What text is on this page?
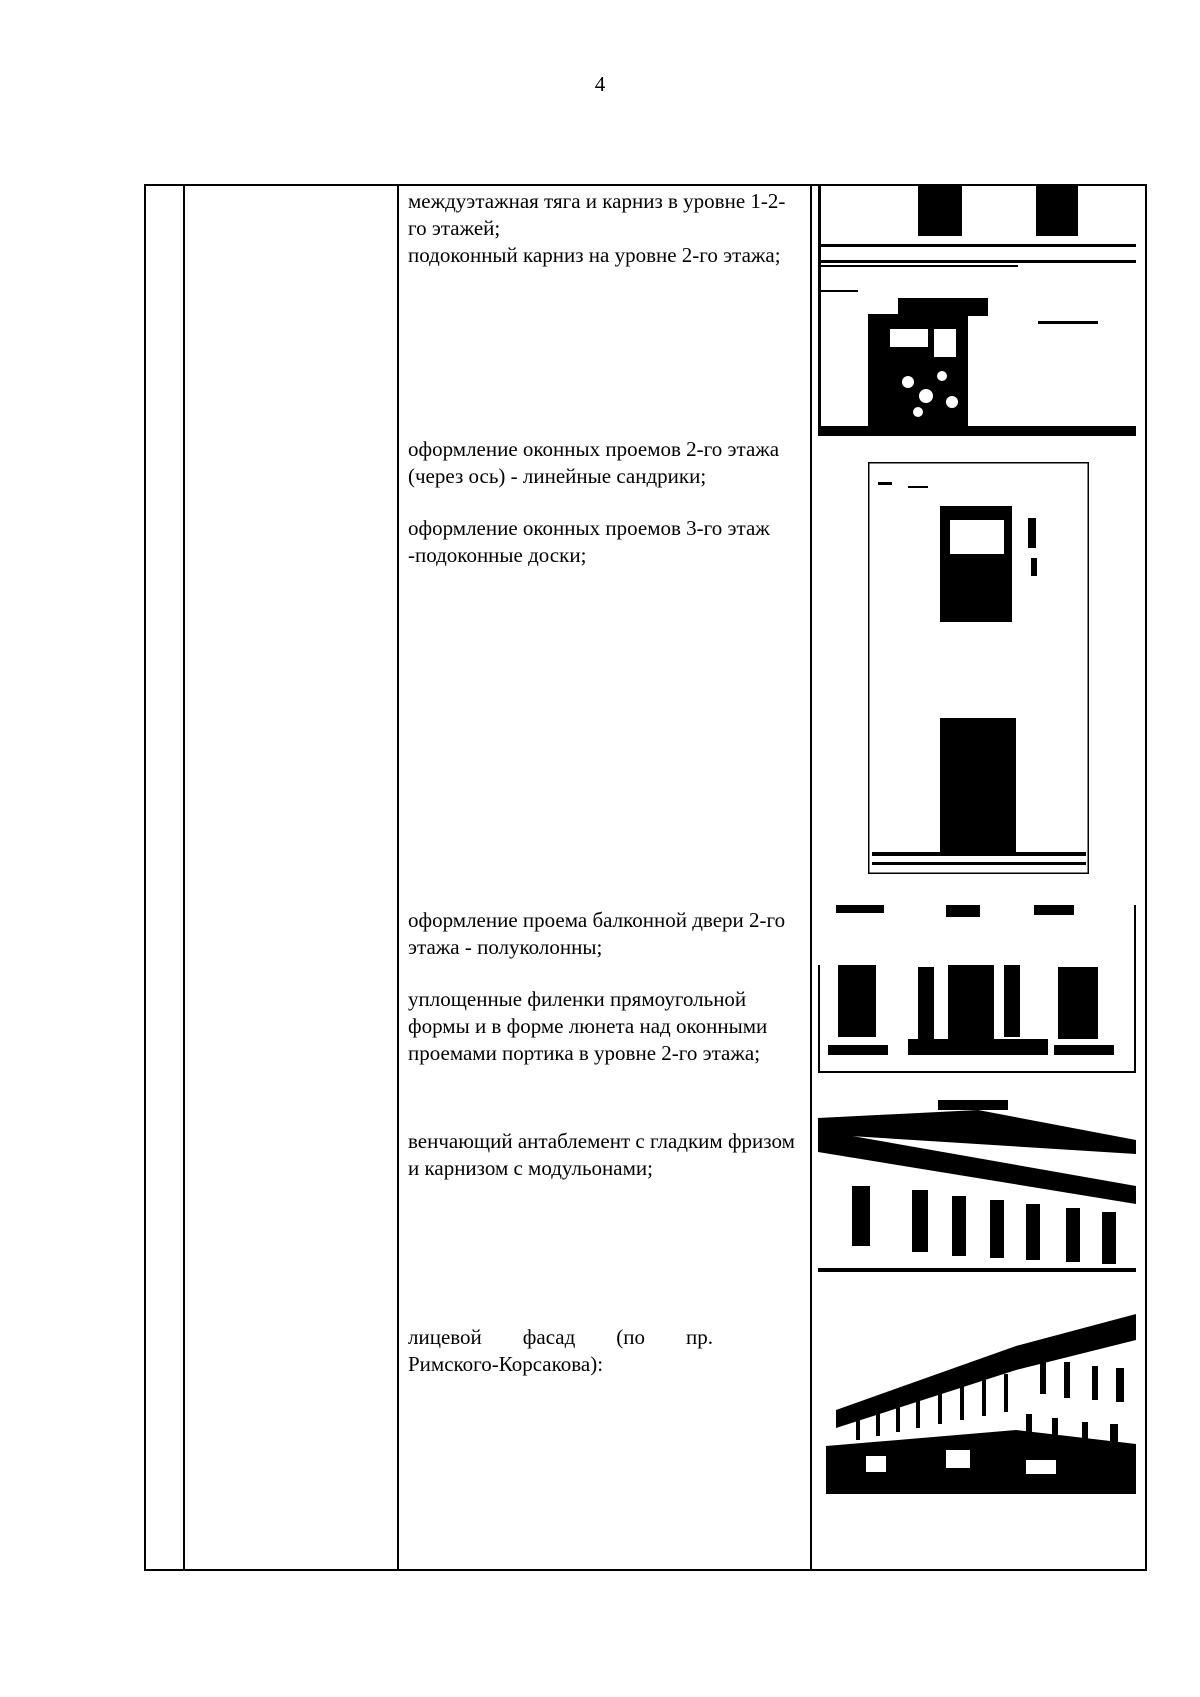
4

междуэтажная тяга и карниз в уровне 1-2-го этажей;

подоконный карниз на уровне 2-го этажа;

оформление оконных проемов 2-го этажа (через ось) - линейные сандрики;

оформление оконных проемов 3-го этаж -подоконные доски;

оформление проема балконной двери 2-го этажа - полуколонны;

уплощенные филенки прямоугольной формы и в форме люнета над оконными проемами портика в уровне 2-го этажа;

венчающий антаблемент с гладким фризом и карнизом с модульонами;

лицевой фасад (по пр.
Римского-Корсакова):
